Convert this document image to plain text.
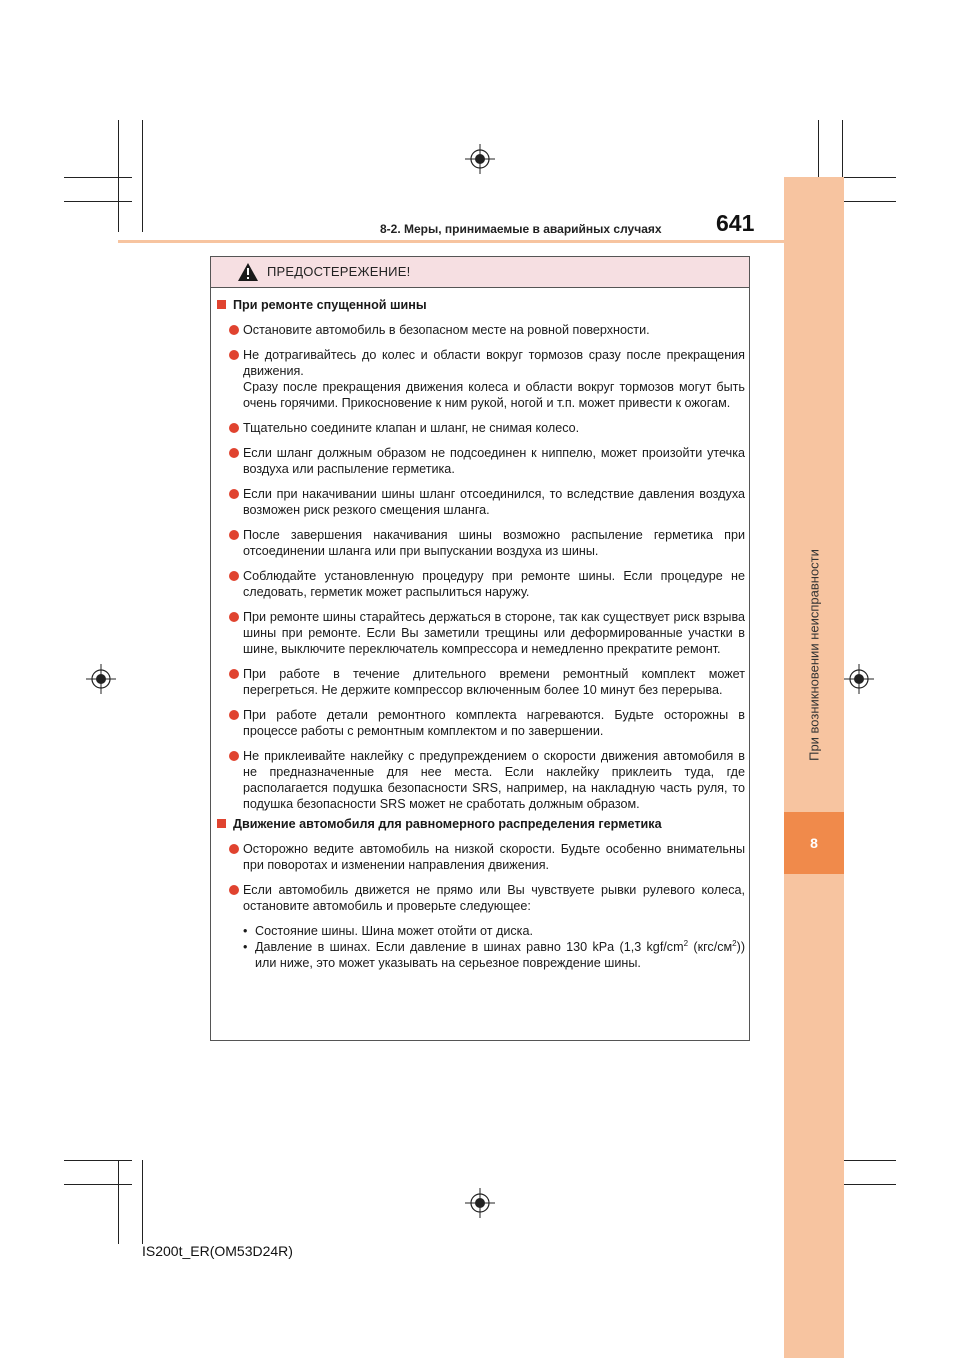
При возникновении неисправности
8
8-2. Меры, принимаемые в аварийных случаях 641
ПРЕДОСТЕРЕЖЕНИЕ!
При ремонте спущенной шины

Остановите автомобиль в безопасном месте на ровной поверхности.

Не дотрагивайтесь до колес и области вокруг тормозов сразу после прекращения движения.

Сразу после прекращения движения колеса и области вокруг тормозов могут быть очень горячими. Прикосновение к ним рукой, ногой и т.п. может привести к ожогам.

Тщательно соедините клапан и шланг, не снимая колесо.

Если шланг должным образом не подсоединен к ниппелю, может произойти утечка воздуха или распыление герметика.

Если при накачивании шины шланг отсоединился, то вследствие давления воздуха возможен риск резкого смещения шланга.

После завершения накачивания шины возможно распыление герметика при отсоединении шланга или при выпускании воздуха из шины.

Соблюдайте установленную процедуру при ремонте шины. Если процедуре не следовать, герметик может распылиться наружу.

При ремонте шины старайтесь держаться в стороне, так как существует риск взрыва шины при ремонте. Если Вы заметили трещины или деформированные участки в шине, выключите переключатель компрессора и немедленно прекратите ремонт.

При работе в течение длительного времени ремонтный комплект может перегреться. Не держите компрессор включенным более 10 минут без перерыва.

При работе детали ремонтного комплекта нагреваются. Будьте осторожны в процессе работы с ремонтным комплектом и по завершении.

Не приклеивайте наклейку с предупреждением о скорости движения автомобиля в не предназначенные для нее места. Если наклейку приклеить туда, где располагается подушка безопасности SRS, например, на накладную часть руля, то подушка безопасности SRS может не сработать должным образом.

Движение автомобиля для равномерного распределения герметика

Осторожно ведите автомобиль на низкой скорости. Будьте особенно внимательны при поворотах и изменении направления движения.

Если автомобиль движется не прямо или Вы чувствуете рывки рулевого колеса, остановите автомобиль и проверьте следующее:

• Состояние шины. Шина может отойти от диска.
• Давление в шинах. Если давление в шинах равно 130 kPa (1,3 kgf/$cm^2$ $(кгс/см^2)$) или ниже, это может указывать на серьезное повреждение шины.
IS200t_ER(OM53D24R)
